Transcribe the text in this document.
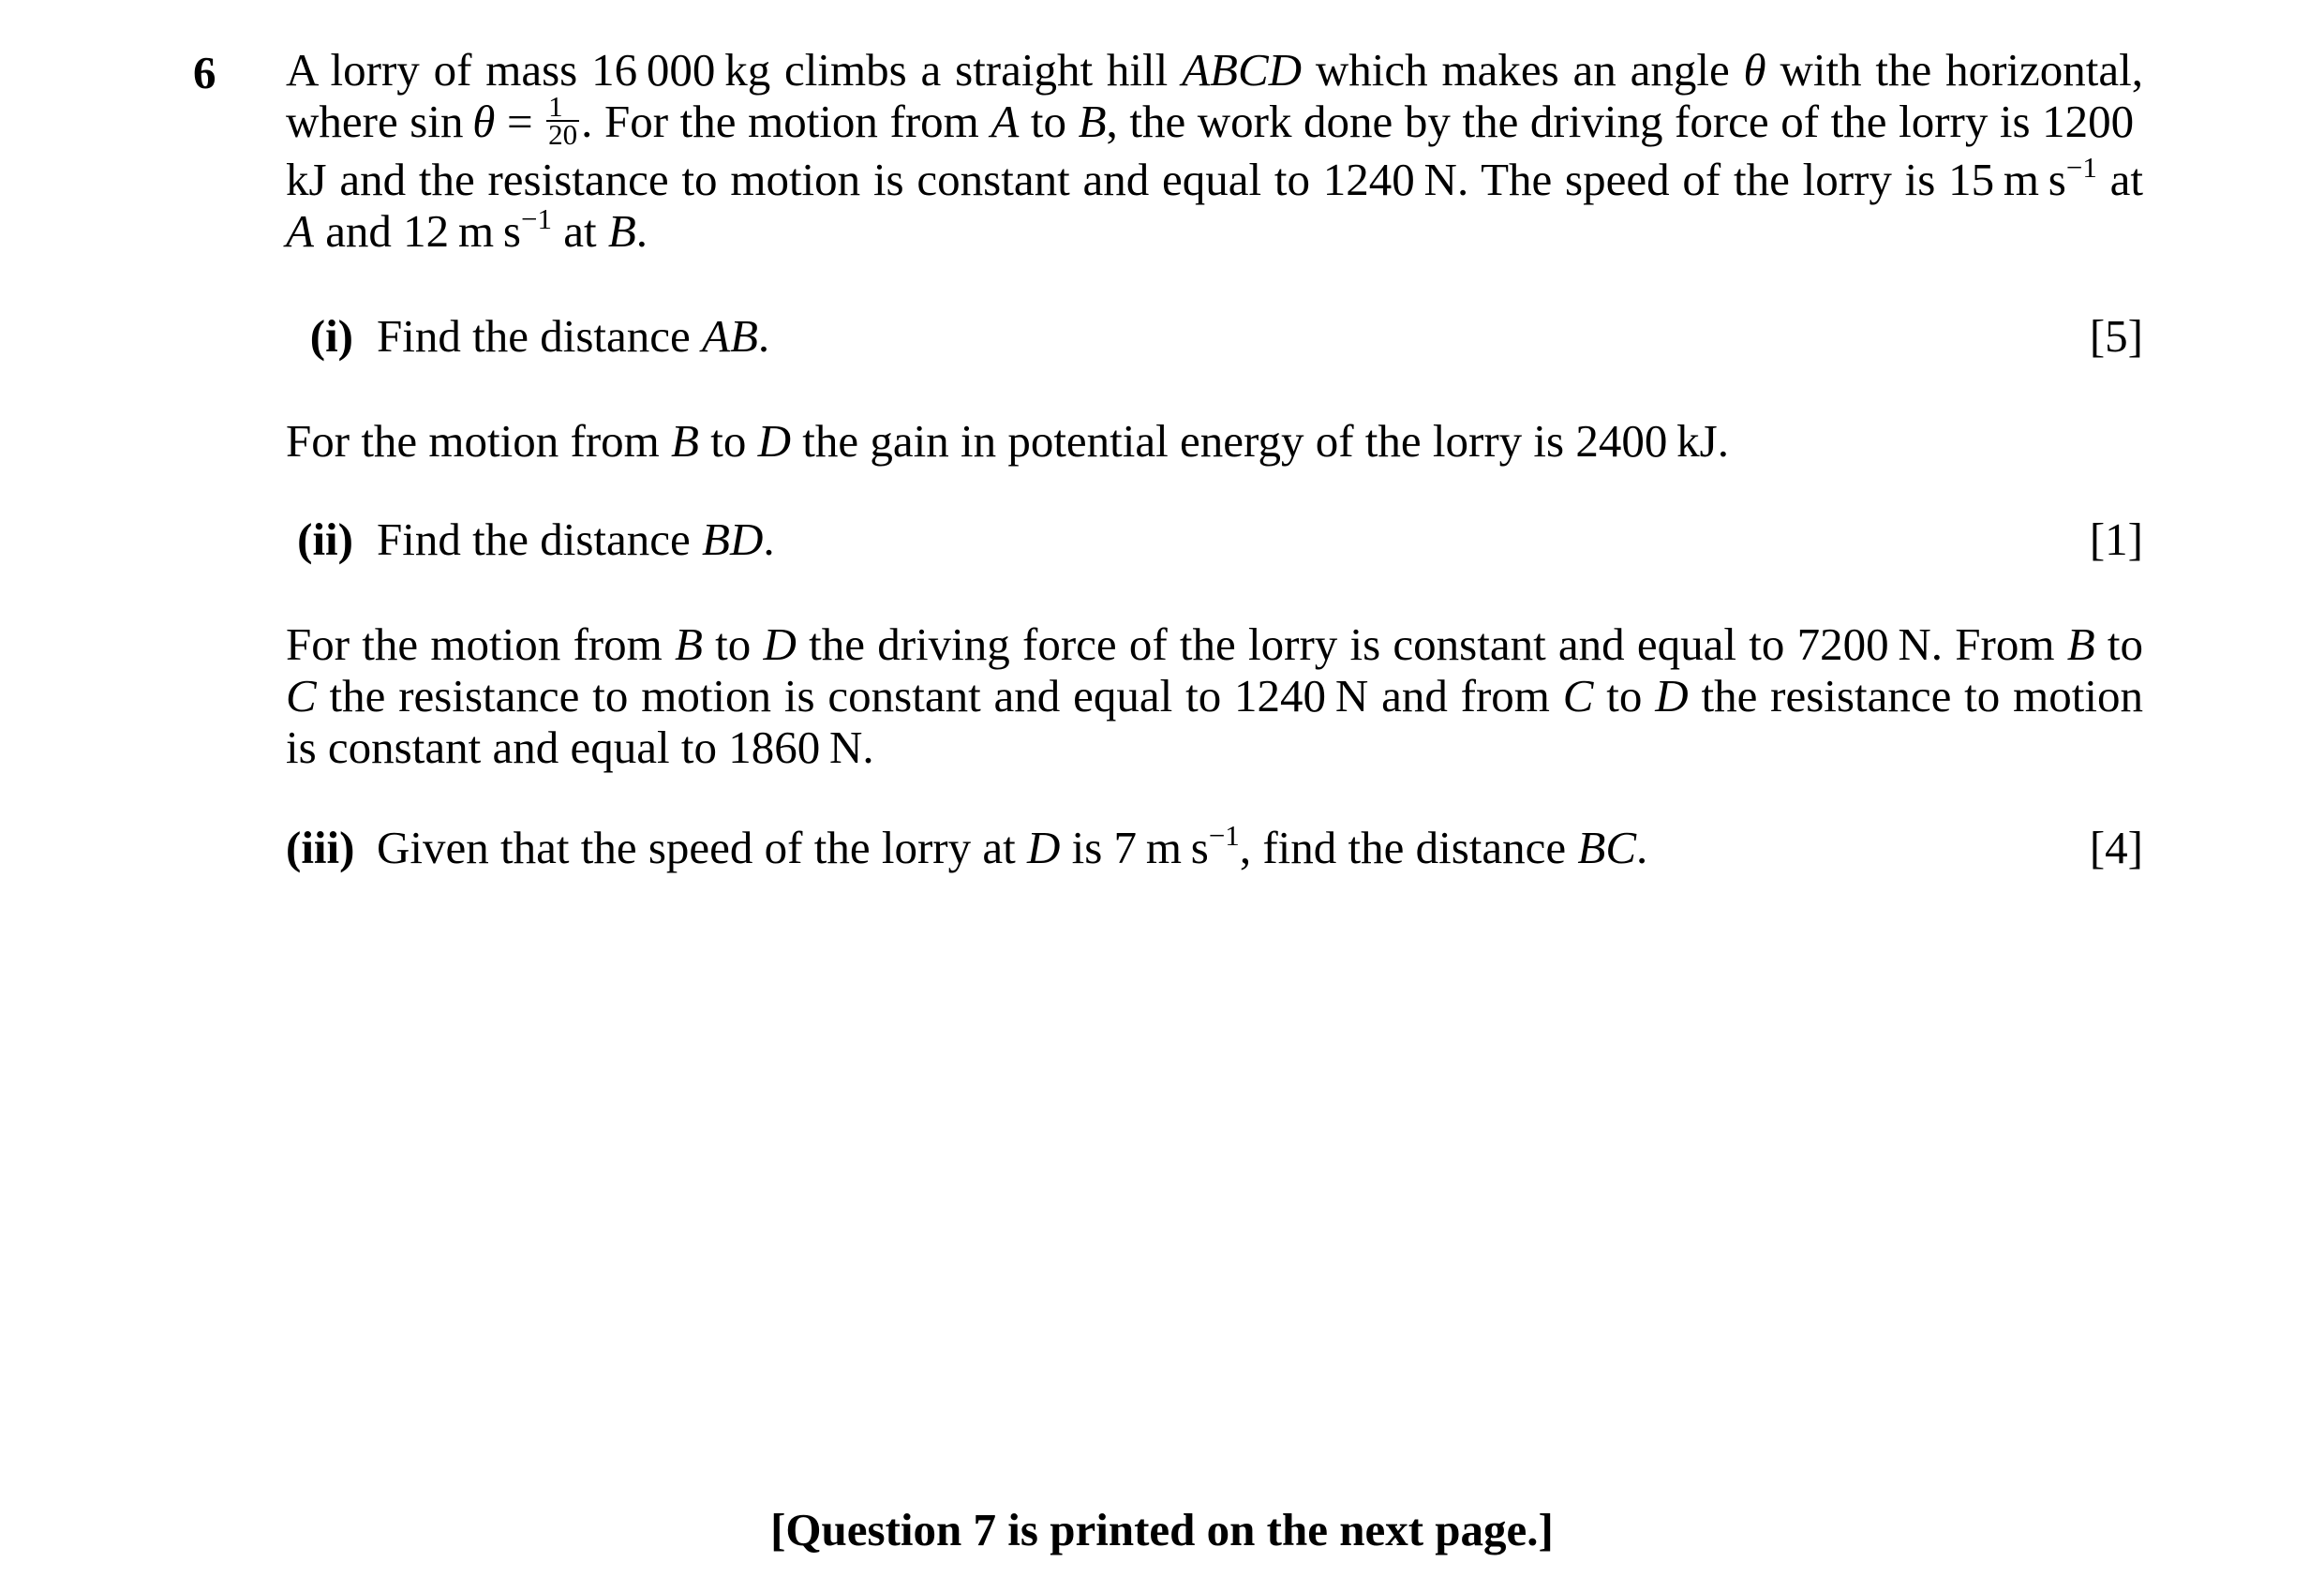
6 A lorry of mass 16 000 kg climbs a straight hill ABCD which makes an angle θ with the horizontal, where $\sin \theta = \frac{1}{20}$ . For the motion from A to B, the work done by the driving force of the lorry is 1200 kJ and the resistance to motion is constant and equal to 1240 N. The speed of the lorry is 15 m $s^{-1}$ at A and 12 m $s^{-1}$ at B.
(i) Find the distance AB.	[5]
For the motion from B to D the gain in potential energy of the lorry is 2400 kJ.
(ii) Find the distance BD.	[1]
For the motion from B to D the driving force of the lorry is constant and equal to 7200 N. From B to C the resistance to motion is constant and equal to 1240 N and from C to D the resistance to motion is constant and equal to 1860 N.
(iii) Given that the speed of the lorry at D is 7 m $s^{-1}$, find the distance BC.	[4]
[Question 7 is printed on the next page.]
